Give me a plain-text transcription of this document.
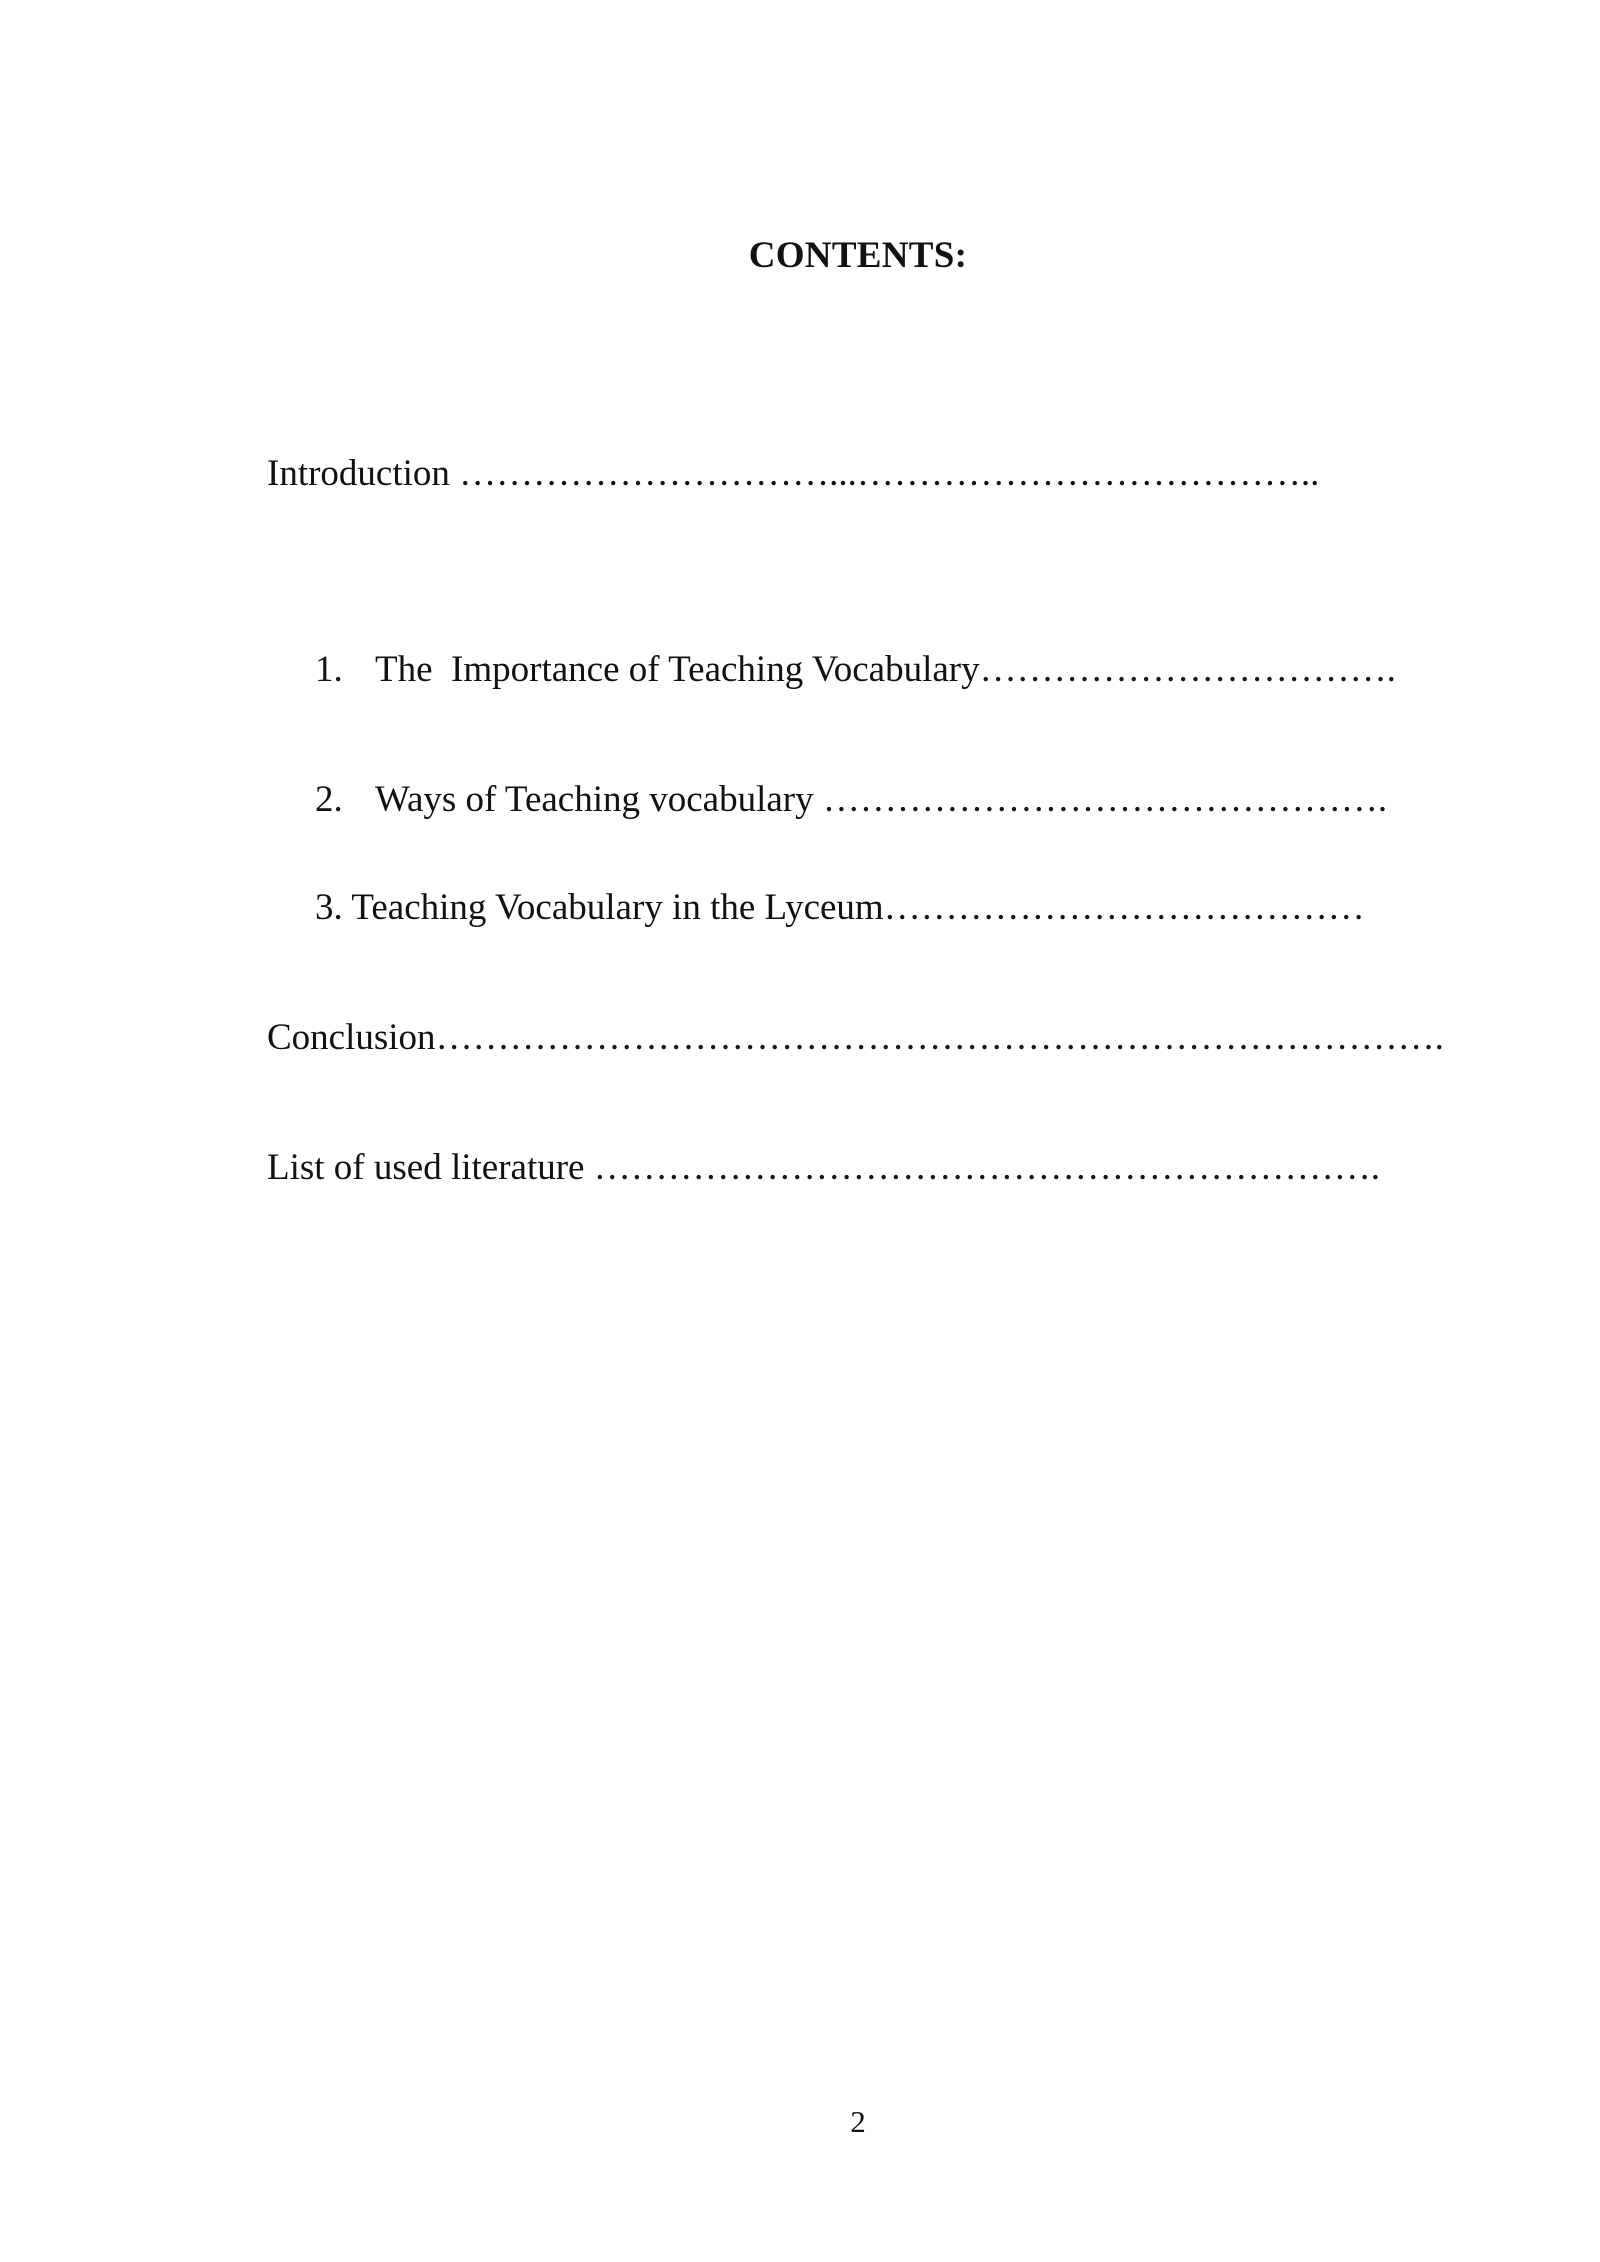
CONTENTS:

Introduction …………………………...………………………………..

1. The  Importance of Teaching Vocabulary…………………………….

2. Ways of Teaching vocabulary ……………………………………….

3. Teaching Vocabulary in the Lyceum…………………………………

Conclusion……………………………………………………………………….

List of used literature ……………………………………………………….

2
